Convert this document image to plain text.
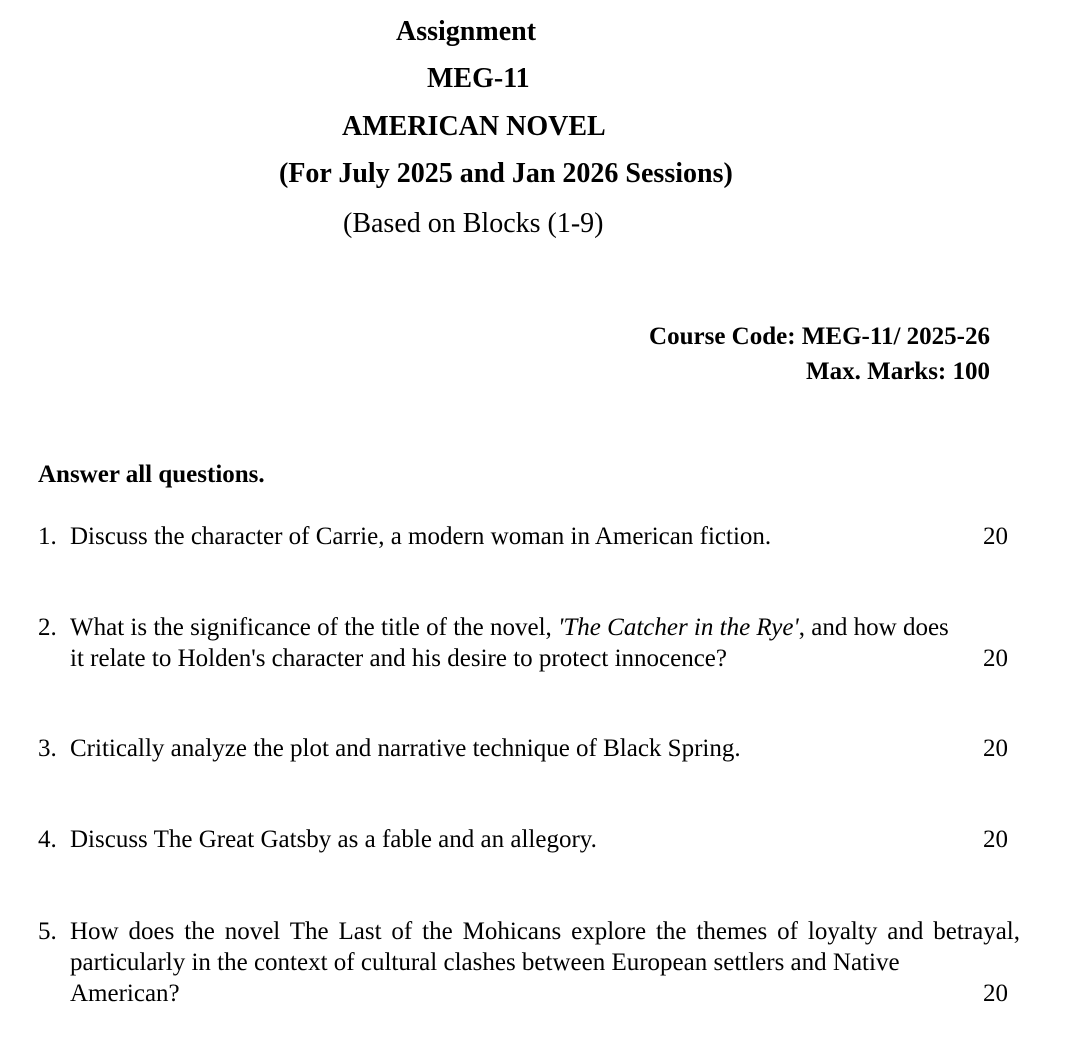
Assignment
MEG-11
AMERICAN NOVEL
(For July 2025 and Jan 2026 Sessions)
(Based on Blocks (1-9)
Course Code: MEG-11/ 2025-26
Max. Marks: 100
Answer all questions.
1. Discuss the character of Carrie, a modern woman in American fiction.	20
2. What is the significance of the title of the novel, 'The Catcher in the Rye', and how does
it relate to Holden's character and his desire to protect innocence?	20
3. Critically analyze the plot and narrative technique of Black Spring.	20
4. Discuss The Great Gatsby as a fable and an allegory.	20
5. How does the novel The Last of the Mohicans explore the themes of loyalty and betrayal, particularly in the context of cultural clashes between European settlers and Native
American?	20
